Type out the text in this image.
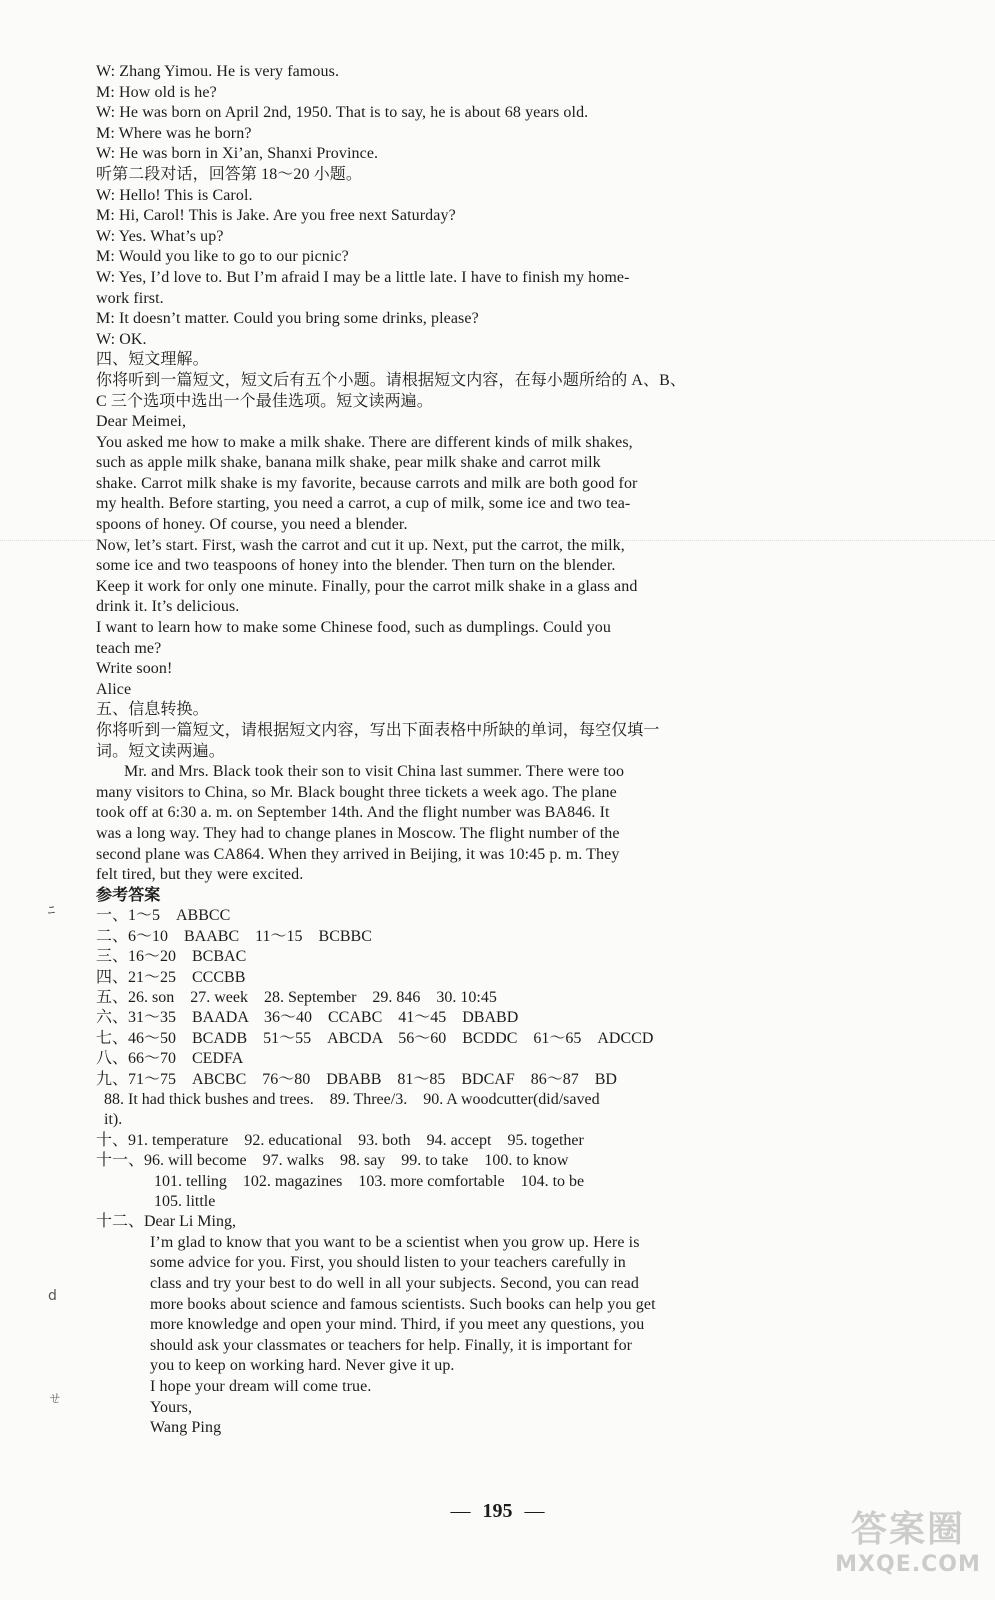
ﾆ
d
ㄝ
W: Zhang Yimou. He is very famous.
M: How old is he?
W: He was born on April 2nd, 1950. That is to say, he is about 68 years old.
M: Where was he born?
W: He was born in Xi’an, Shanxi Province.
听第二段对话，回答第 18～20 小题。
W: Hello! This is Carol.
M: Hi, Carol! This is Jake. Are you free next Saturday?
W: Yes. What’s up?
M: Would you like to go to our picnic?
W: Yes, I’d love to. But I’m afraid I may be a little late. I have to finish my home-
work first.
M: It doesn’t matter. Could you bring some drinks, please?
W: OK.
四、短文理解。
你将听到一篇短文，短文后有五个小题。请根据短文内容，在每小题所给的 A、B、
C 三个选项中选出一个最佳选项。短文读两遍。
Dear Meimei,
You asked me how to make a milk shake. There are different kinds of milk shakes,
such as apple milk shake, banana milk shake, pear milk shake and carrot milk
shake. Carrot milk shake is my favorite, because carrots and milk are both good for
my health. Before starting, you need a carrot, a cup of milk, some ice and two tea-
spoons of honey. Of course, you need a blender.
Now, let’s start. First, wash the carrot and cut it up. Next, put the carrot, the milk,
some ice and two teaspoons of honey into the blender. Then turn on the blender.
Keep it work for only one minute. Finally, pour the carrot milk shake in a glass and
drink it. It’s delicious.
I want to learn how to make some Chinese food, such as dumplings. Could you
teach me?
Write soon!
Alice
五、信息转换。
你将听到一篇短文，请根据短文内容，写出下面表格中所缺的单词，每空仅填一
词。短文读两遍。
Mr. and Mrs. Black took their son to visit China last summer. There were too
many visitors to China, so Mr. Black bought three tickets a week ago. The plane
took off at 6:30 a. m. on September 14th. And the flight number was BA846. It
was a long way. They had to change planes in Moscow. The flight number of the
second plane was CA864. When they arrived in Beijing, it was 10:45 p. m. They
felt tired, but they were excited.
参考答案
一、1～5　ABBCC
二、6～10　BAABC　11～15　BCBBC
三、16～20　BCBAC
四、21～25　CCCBB
五、26. son　27. week　28. September　29. 846　30. 10:45
六、31～35　BAADA　36～40　CCABC　41～45　DBABD
七、46～50　BCADB　51～55　ABCDA　56～60　BCDDC　61～65　ADCCD
八、66～70　CEDFA
九、71～75　ABCBC　76～80　DBABB　81～85　BDCAF　86～87　BD
88. It had thick bushes and trees.　89. Three/3.　90. A woodcutter(did/saved
it).
十、91. temperature　92. educational　93. both　94. accept　95. together
十一、96. will become　97. walks　98. say　99. to take　100. to know
101. telling　102. magazines　103. more comfortable　104. to be
105. little
十二、Dear Li Ming,
I’m glad to know that you want to be a scientist when you grow up. Here is
some advice for you. First, you should listen to your teachers carefully in
class and try your best to do well in all your subjects. Second, you can read
more books about science and famous scientists. Such books can help you get
more knowledge and open your mind. Third, if you meet any questions, you
should ask your classmates or teachers for help. Finally, it is important for
you to keep on working hard. Never give it up.
I hope your dream will come true.
Yours,
Wang Ping
— 195 —	答案圈
MXQE.COM
